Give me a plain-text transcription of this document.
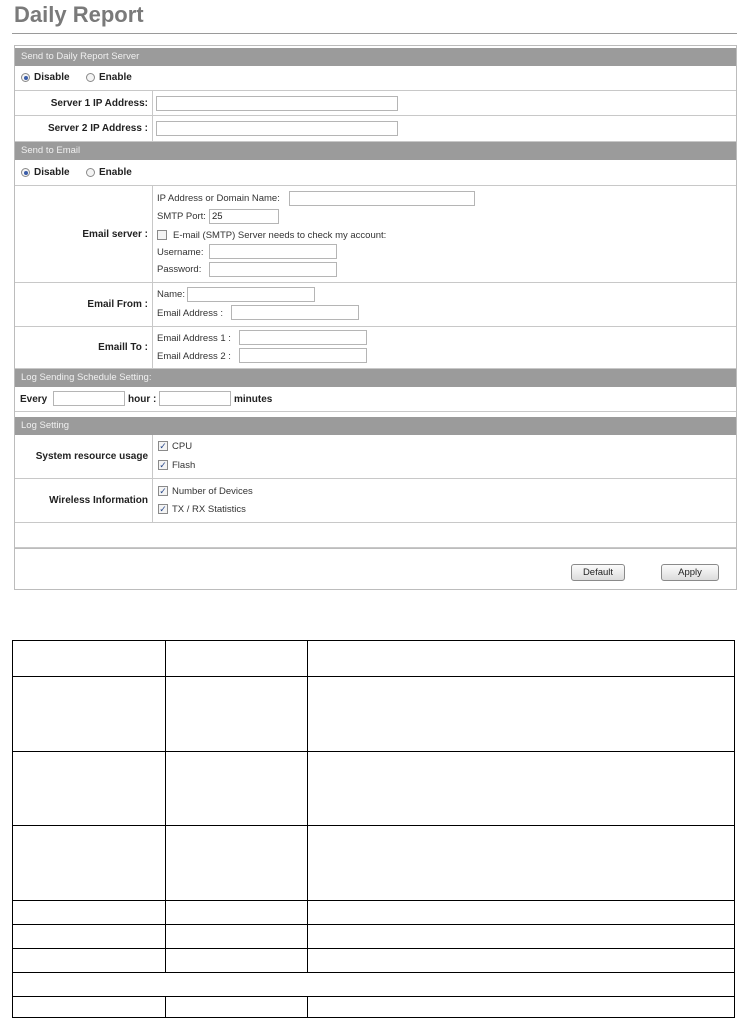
Daily Report
Send to Daily Report Server
Disable	Enable
Server 1 IP Address:
Server 2 IP Address :
Send to Email
Disable	Enable
Email server :
IP Address or Domain Name:
SMTP Port: 25
E-mail (SMTP) Server needs to check my account:
Username:
Password:
Email From :
Name:
Email Address :
Emaill To :
Email Address 1 :
Email Address 2 :
Log Sending Schedule Setting:
Every	hour :	minutes
Log Setting
System resource usage
✓ CPU
✓ Flash
Wireless Information
✓ Number of Devices
✓ TX / RX Statistics
Default	Apply
